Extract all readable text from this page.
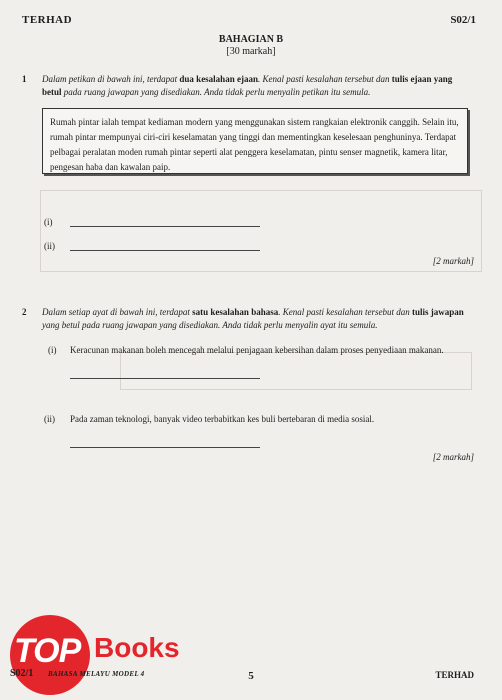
TERHAD	S02/1
BAHAGIAN B
[30 markah]
1 Dalam petikan di bawah ini, terdapat dua kesalahan ejaan. Kenal pasti kesalahan tersebut dan tulis ejaan yang betul pada ruang jawapan yang disediakan. Anda tidak perlu menyalin petikan itu semula.
Rumah pintar ialah tempat kediaman modern yang menggunakan sistem rangkaian elektronik canggih. Selain itu, rumah pintar mempunyai ciri-ciri keselamatan yang tinggi dan mementingkan keselesaan penghuninya. Terdapat pelbagai peralatan moden rumah pintar seperti alat penggera keselamatan, pintu senser magnetik, kamera litar, pengesan haba dan kawalan paip.
(i)
(ii)
[2 markah]
2 Dalam setiap ayat di bawah ini, terdapat satu kesalahan bahasa. Kenal pasti kesalahan tersebut dan tulis jawapan yang betul pada ruang jawapan yang disediakan. Anda tidak perlu menyalin ayat itu semula.
(i) Keracunan makanan boleh mencegah melalui penjagaan kebersihan dalam proses penyediaan makanan.
(ii) Pada zaman teknologi, banyak video terbabitkan kes buli bertebaran di media sosial.
[2 markah]
TOP Books
S02/1 BAHASA MELAYU MODEL 4	5	TERHAD
